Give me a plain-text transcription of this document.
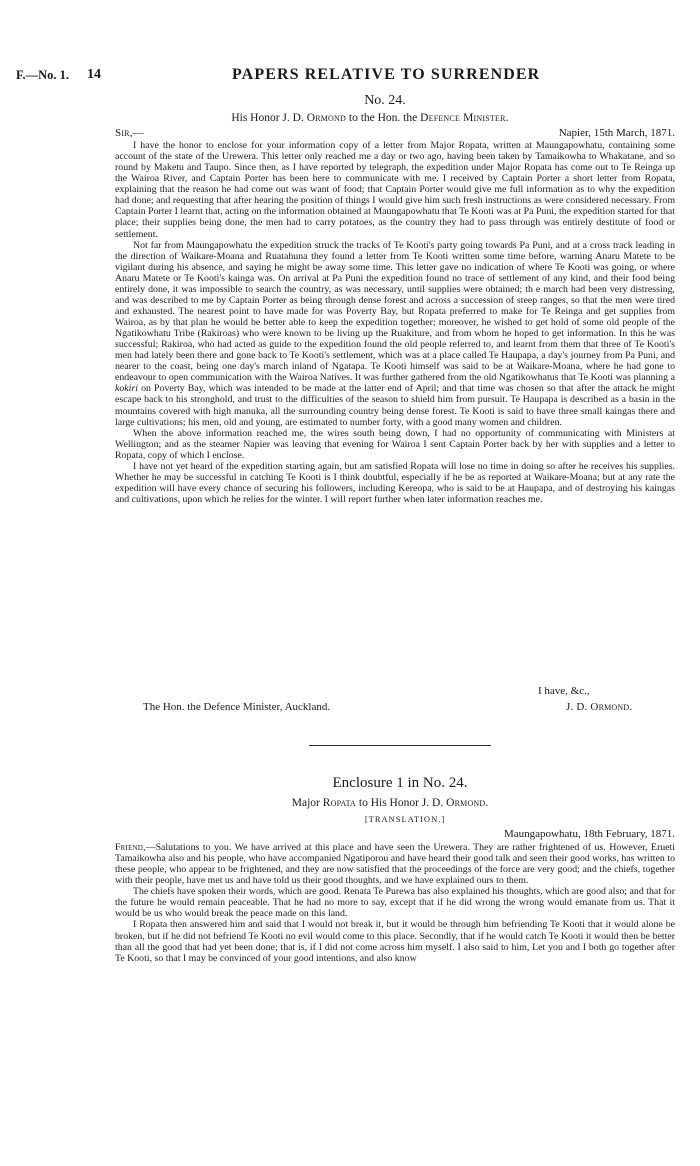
F.—No. 1. 14	PAPERS RELATIVE TO SURRENDER
No. 24.
His Honor J. D. Ormond to the Hon. the Defence Minister.
Sir,—	Napier, 15th March, 1871.

I have the honor to enclose for your information copy of a letter from Major Ropata, written at Maungapowhatu, containing some account of the state of the Urewera. This letter only reached me a day or two ago, having been taken by Tamaikowha to Whakatane, and so round by Maketu and Taupo. Since then, as I have reported by telegraph, the expedition under Major Ropata has come out to Te Reinga up the Wairoa River, and Captain Porter has been here to communicate with me. I received by Captain Porter a short letter from Ropata, explaining that the reason he had come out was want of food; that Captain Porter would give me full information as to why the expedition had done; and requesting that after hearing the position of things I would give him such fresh instructions as were considered necessary. From Captain Porter I learnt that, acting on the information obtained at Maungapowhatu that Te Kooti was at Pa Puni, the expedition started for that place; their supplies being done, the men had to carry potatoes, as the country they had to pass through was entirely destitute of food or settlement.

Not far from Maungapowhatu the expedition struck the tracks of Te Kooti's party going towards Pa Puni, and at a cross track leading in the direction of Waikare-Moana and Ruatahuna they found a letter from Te Kooti written some time before, warning Anaru Matete to be vigilant during his absence, and saying he might be away some time. This letter gave no indication of where Te Kooti was going, or where Anaru Matete or Te Kooti's kainga was. On arrival at Pa Puni the expedition found no trace of settlement of any kind, and their food being entirely done, it was impossible to search the country, as was necessary, until supplies were obtained; th e march had been very distressing, and was described to me by Captain Porter as being through dense forest and across a succession of steep ranges, so that the men were tired and exhausted. The nearest point to have made for was Poverty Bay, but Ropata preferred to make for Te Reinga and get supplies from Wairoa, as by that plan he would be better able to keep the expedition together; moreover, he wished to get hold of some old people of the Ngatikowhatu Tribe (Rakiroas) who were known to be living up the Ruakiture, and from whom he hoped to get information. In this he was successful; Rakiroa, who had acted as guide to the expedition found the old people referred to, and learnt from them that three of Te Kooti's men had lately been there and gone back to Te Kooti's settlement, which was at a place called Te Haupapa, a day's journey from Pa Puni, and nearer to the coast, being one day's march inland of Ngatapa. Te Kooti himself was said to be at Waikare-Moana, where he had gone to endeavour to open communication with the Wairoa Natives. It was further gathered from the old Ngatikowhatus that Te Kooti was planning a kokiri on Poverty Bay, which was intended to be made at the latter end of April; and that time was chosen so that after the attack he might escape back to his stronghold, and trust to the difficulties of the season to shield him from pursuit. Te Haupapa is described as a basin in the mountains covered with high manuka, all the surrounding country being dense forest. Te Kooti is said to have three small kaingas there and large cultivations; his men, old and young, are estimated to number forty, with a good many women and children.

When the above information reached me, the wires south being down, I had no opportunity of communicating with Ministers at Wellington; and as the steamer Napier was leaving that evening for Wairoa I sent Captain Porter back by her with supplies and a letter to Ropata, copy of which I enclose.

I have not yet heard of the expedition starting again, but am satisfied Ropata will lose no time in doing so after he receives his supplies. Whether he may be successful in catching Te Kooti is I think doubtful, especially if he be as reported at Waikare-Moana; but at any rate the expedition will have every chance of securing his followers, including Kereopa, who is said to be at Haupapa, and of destroying his kaingas and cultivations, upon which he relies for the winter. I will report further when later information reaches me.

I have, &c.,
The Hon. the Defence Minister, Auckland.	J. D. Ormond.
Enclosure 1 in No. 24.
Major Ropata to His Honor J. D. Ormond.
[TRANSLATION.]
Maungapowhatu, 18th February, 1871.

Friend,—Salutations to you. We have arrived at this place and have seen the Urewera. They are rather frightened of us. However, Erueti Tamaikowha also and his people, who have accompanied Ngatiporou and have heard their good talk and seen their good works, has written to these people, who appear to be frightened, and they are now satisfied that the proceedings of the force are very good; and the chiefs, together with their people, have met us and have told us their good thoughts, and we have explained ours to them.

The chiefs have spoken their words, which are good. Renata Te Purewa has also explained his thoughts, which are good also; and that for the future he would remain peaceable. That he had no more to say, except that if he did wrong the wrong would emanate from us. That it would be us who would break the peace made on this land.

I Ropata then answered him and said that I would not break it, but it would be through him befriending Te Kooti that it would alone be broken, but if he did not befriend Te Kooti no evil would come to this place. Secondly, that if he would catch Te Kooti it would then be better than all the good that had yet been done; that is, if I did not come across him myself. I also said to him, Let you and I both go together after Te Kooti, so that I may be convinced of your good intentions, and also know
